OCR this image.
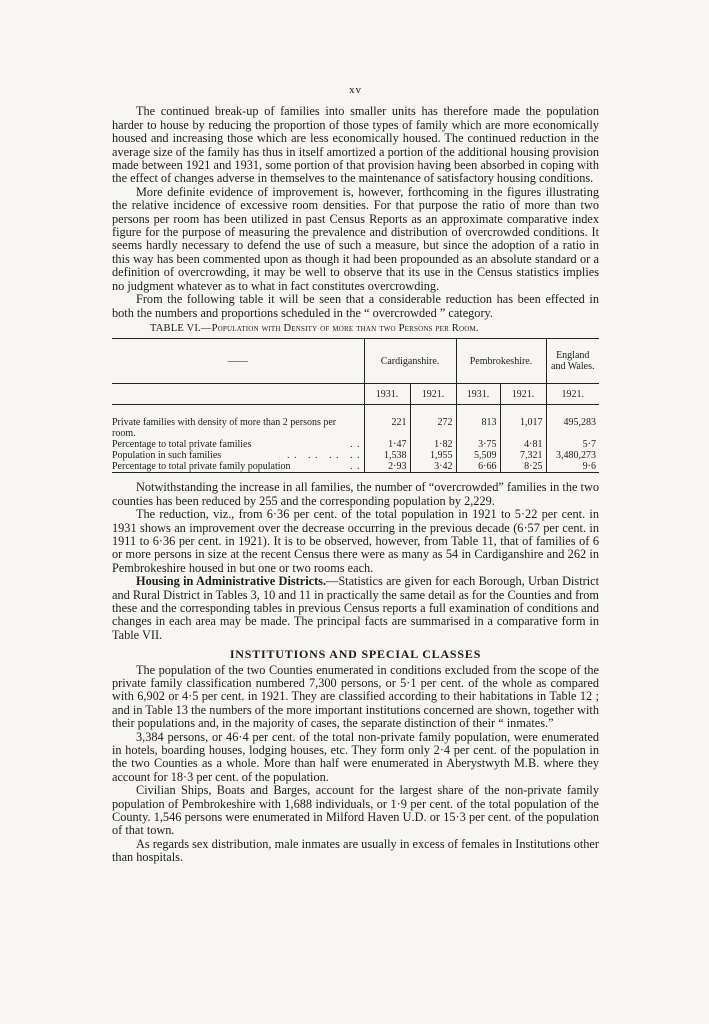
xv

The continued break-up of families into smaller units has therefore made the population harder to house by reducing the proportion of those types of family which are more economically housed and increasing those which are less economically housed. The continued reduction in the average size of the family has thus in itself amortized a portion of the additional housing provision made between 1921 and 1931, some portion of that provision having been absorbed in coping with the effect of changes adverse in themselves to the maintenance of satisfactory housing conditions.

More definite evidence of improvement is, however, forthcoming in the figures illustrating the relative incidence of excessive room densities. For that purpose the ratio of more than two persons per room has been utilized in past Census Reports as an approximate comparative index figure for the purpose of measuring the prevalence and distribution of overcrowded conditions. It seems hardly necessary to defend the use of such a measure, but since the adoption of a ratio in this way has been commented upon as though it had been propounded as an absolute standard or a definition of overcrowding, it may be well to observe that its use in the Census statistics implies no judgment whatever as to what in fact constitutes overcrowding.

From the following table it will be seen that a considerable reduction has been effected in both the numbers and proportions scheduled in the “ overcrowded ” category.

TABLE VI.—Population with Density of more than two Persons per Room.
——	Cardiganshire.		Pembrokeshire.		England and Wales.
	1931.	1921.	1931.	1921.	1921.

Private families with density of more than 2 persons per room.	221	272	813	1,017	495,283
Percentage to total private families . .	1·47	1·82	3·75	4·81	5·7
Population in such families . .   . .   . .   . .	1,538	1,955	5,509	7,321	3,480,273
Percentage to total private family population . .	2·93	3·42	6·66	8·25	9·6

Notwithstanding the increase in all families, the number of “overcrowded” families in the two counties has been reduced by 255 and the corresponding population by 2,229.

The reduction, viz., from 6·36 per cent. of the total population in 1921 to 5·22 per cent. in 1931 shows an improvement over the decrease occurring in the previous decade (6·57 per cent. in 1911 to 6·36 per cent. in 1921). It is to be observed, however, from Table 11, that of families of 6 or more persons in size at the recent Census there were as many as 54 in Cardiganshire and 262 in Pembrokeshire housed in but one or two rooms each.

Housing in Administrative Districts.—Statistics are given for each Borough, Urban District and Rural District in Tables 3, 10 and 11 in practically the same detail as for the Counties and from these and the corresponding tables in previous Census reports a full examination of conditions and changes in each area may be made. The principal facts are summarised in a comparative form in Table VII.

INSTITUTIONS AND SPECIAL CLASSES

The population of the two Counties enumerated in conditions excluded from the scope of the private family classification numbered 7,300 persons, or 5·1 per cent. of the whole as compared with 6,902 or 4·5 per cent. in 1921. They are classified according to their habitations in Table 12 ; and in Table 13 the numbers of the more important institutions concerned are shown, together with their populations and, in the majority of cases, the separate distinction of their “ inmates.”

3,384 persons, or 46·4 per cent. of the total non-private family population, were enumerated in hotels, boarding houses, lodging houses, etc. They form only 2·4 per cent. of the population in the two Counties as a whole. More than half were enumerated in Aberystwyth M.B. where they account for 18·3 per cent. of the population.

Civilian Ships, Boats and Barges, account for the largest share of the non-private family population of Pembrokeshire with 1,688 individuals, or 1·9 per cent. of the total population of the County. 1,546 persons were enumerated in Milford Haven U.D. or 15·3 per cent. of the population of that town.

As regards sex distribution, male inmates are usually in excess of females in Institutions other than hospitals.
